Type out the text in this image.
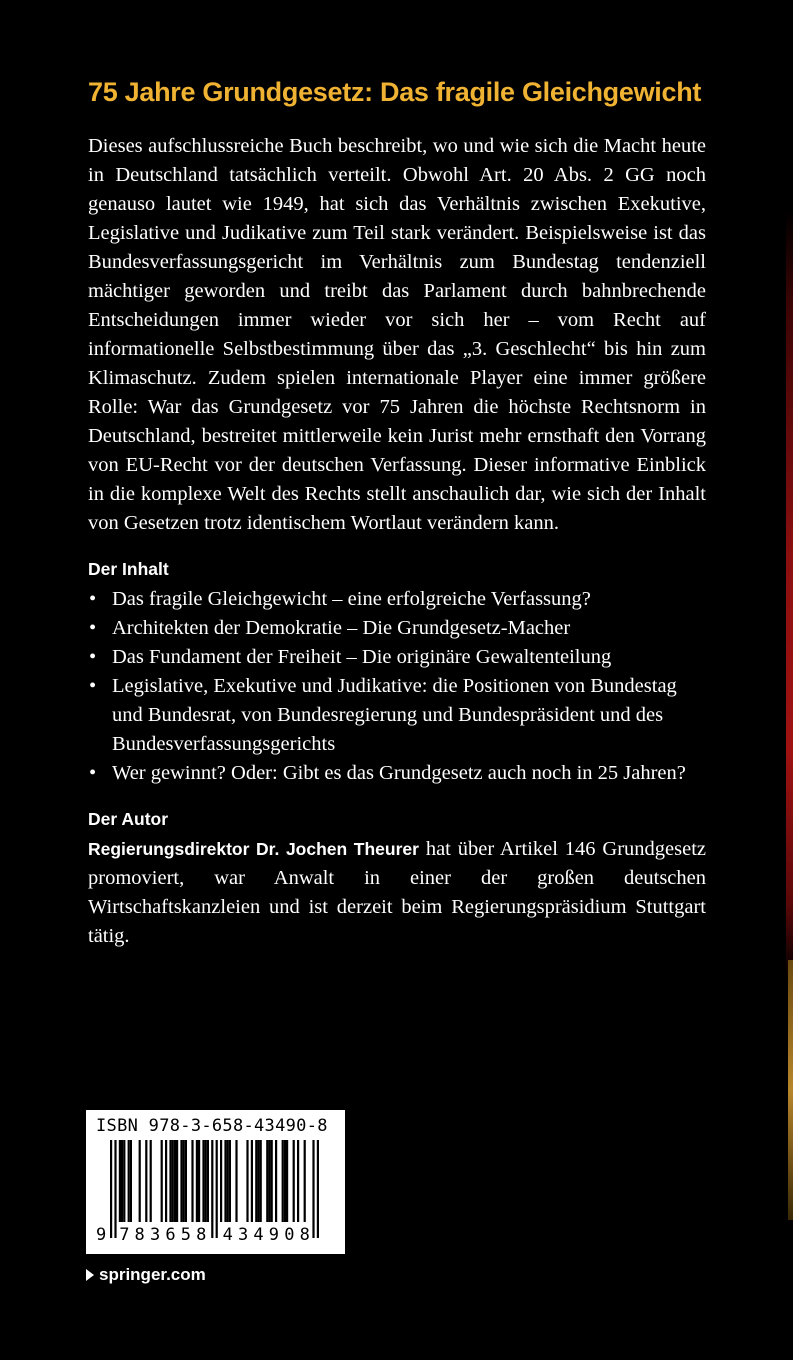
75 Jahre Grundgesetz: Das fragile Gleichgewicht

Dieses aufschlussreiche Buch beschreibt, wo und wie sich die Macht heute in Deutschland tatsächlich verteilt. Obwohl Art. 20 Abs. 2 GG noch genauso lautet wie 1949, hat sich das Verhältnis zwischen Exekutive, Legislative und Judikative zum Teil stark verändert. Beispielsweise ist das Bundesverfassungsgericht im Verhältnis zum Bundestag tendenziell mächtiger geworden und treibt das Parlament durch bahnbrechende Entscheidungen immer wieder vor sich her – vom Recht auf informationelle Selbstbestimmung über das „3. Geschlecht“ bis hin zum Klimaschutz. Zudem spielen internationale Player eine immer größere Rolle: War das Grundgesetz vor 75 Jahren die höchste Rechtsnorm in Deutschland, bestreitet mittlerweile kein Jurist mehr ernsthaft den Vorrang von EU-Recht vor der deutschen Verfassung. Dieser informative Einblick in die komplexe Welt des Rechts stellt anschaulich dar, wie sich der Inhalt von Gesetzen trotz identischem Wortlaut verändern kann.

Der Inhalt
• Das fragile Gleichgewicht – eine erfolgreiche Verfassung?
• Architekten der Demokratie – Die Grundgesetz-Macher
• Das Fundament der Freiheit – Die originäre Gewaltenteilung
• Legislative, Exekutive und Judikative: die Positionen von Bundestag und Bundesrat, von Bundesregierung und Bundespräsident und des Bundesverfassungsgerichts
• Wer gewinnt? Oder: Gibt es das Grundgesetz auch noch in 25 Jahren?
Der Autor

Regierungsdirektor Dr. Jochen Theurer hat über Artikel 146 Grundgesetz promoviert, war Anwalt in einer der großen deutschen Wirtschaftskanzleien und ist derzeit beim Regierungspräsidium Stuttgart tätig.

ISBN 978-3-658-43490-8
9 7 8 3 6 5 8 4 3 4 9 0 8
springer.com
